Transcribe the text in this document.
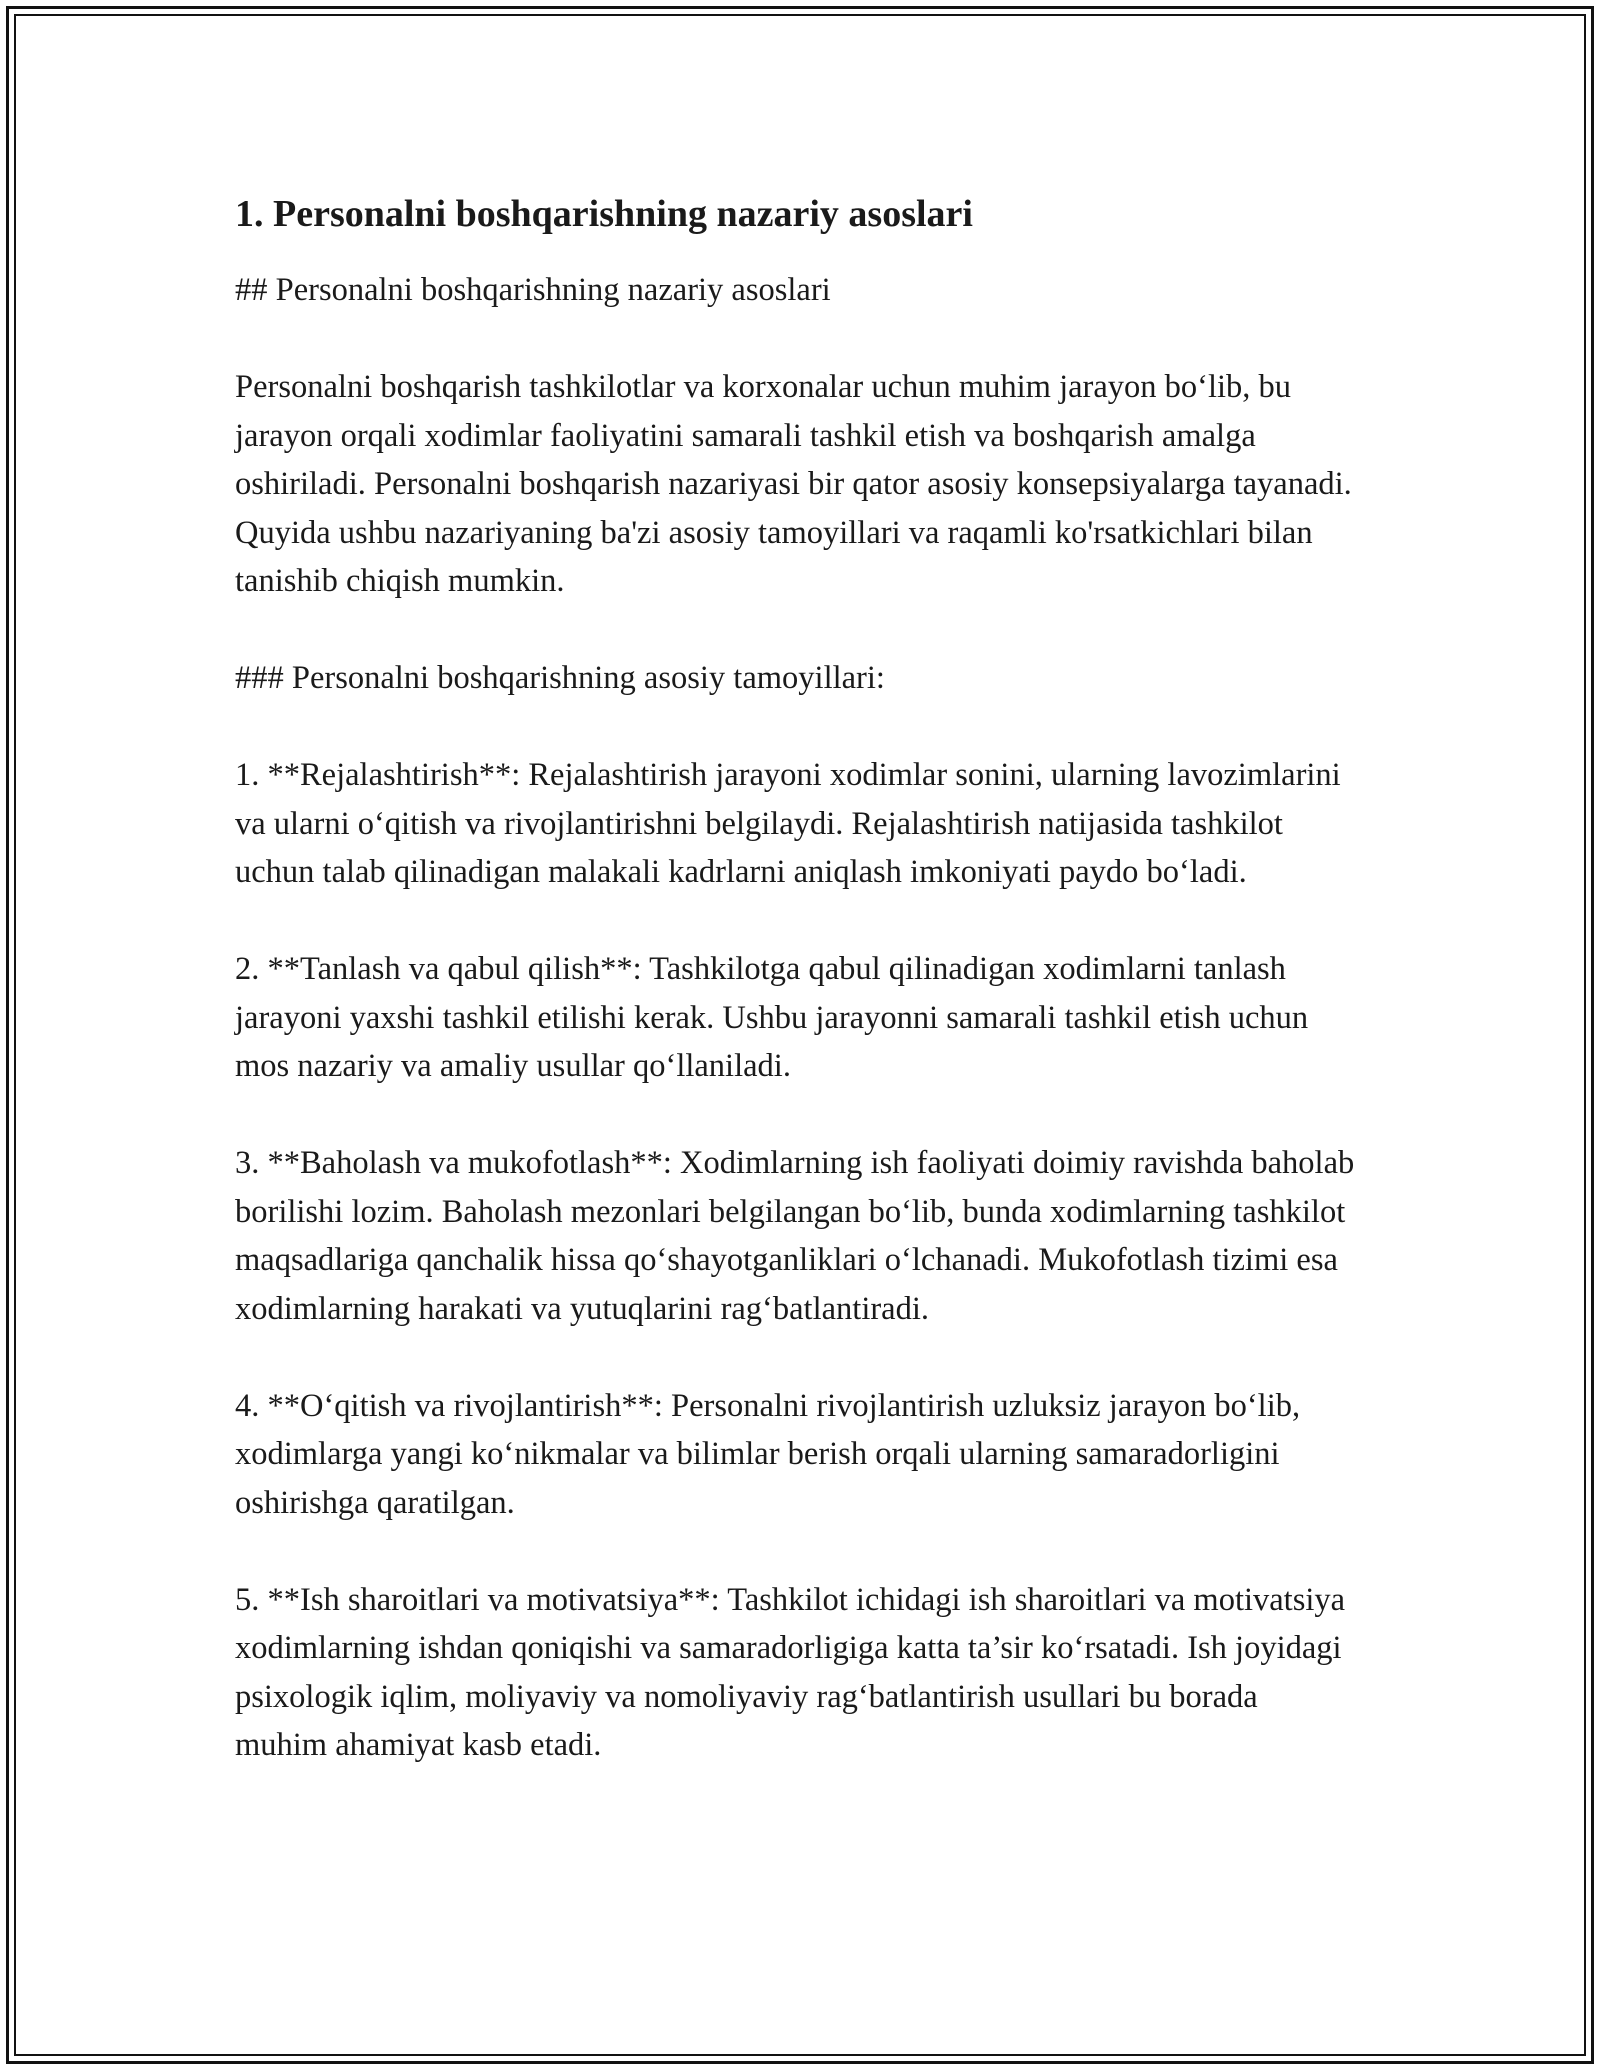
1. Personalni boshqarishning nazariy asoslari

## Personalni boshqarishning nazariy asoslari

Personalni boshqarish tashkilotlar va korxonalar uchun muhim jarayon bo‘lib, bu jarayon orqali xodimlar faoliyatini samarali tashkil etish va boshqarish amalga oshiriladi. Personalni boshqarish nazariyasi bir qator asosiy konsepsiyalarga tayanadi. Quyida ushbu nazariyaning ba'zi asosiy tamoyillari va raqamli ko'rsatkichlari bilan tanishib chiqish mumkin.

### Personalni boshqarishning asosiy tamoyillari:

1. **Rejalashtirish**: Rejalashtirish jarayoni xodimlar sonini, ularning lavozimlarini va ularni o‘qitish va rivojlantirishni belgilaydi. Rejalashtirish natijasida tashkilot uchun talab qilinadigan malakali kadrlarni aniqlash imkoniyati paydo bo‘ladi.

2. **Tanlash va qabul qilish**: Tashkilotga qabul qilinadigan xodimlarni tanlash jarayoni yaxshi tashkil etilishi kerak. Ushbu jarayonni samarali tashkil etish uchun mos nazariy va amaliy usullar qo‘llaniladi.

3. **Baholash va mukofotlash**: Xodimlarning ish faoliyati doimiy ravishda baholab borilishi lozim. Baholash mezonlari belgilangan bo‘lib, bunda xodimlarning tashkilot maqsadlariga qanchalik hissa qo‘shayotganliklari o‘lchanadi. Mukofotlash tizimi esa xodimlarning harakati va yutuqlarini rag‘batlantiradi.

4. **O‘qitish va rivojlantirish**: Personalni rivojlantirish uzluksiz jarayon bo‘lib, xodimlarga yangi ko‘nikmalar va bilimlar berish orqali ularning samaradorligini oshirishga qaratilgan.

5. **Ish sharoitlari va motivatsiya**: Tashkilot ichidagi ish sharoitlari va motivatsiya xodimlarning ishdan qoniqishi va samaradorligiga katta ta’sir ko‘rsatadi. Ish joyidagi psixologik iqlim, moliyaviy va nomoliyaviy rag‘batlantirish usullari bu borada muhim ahamiyat kasb etadi.
